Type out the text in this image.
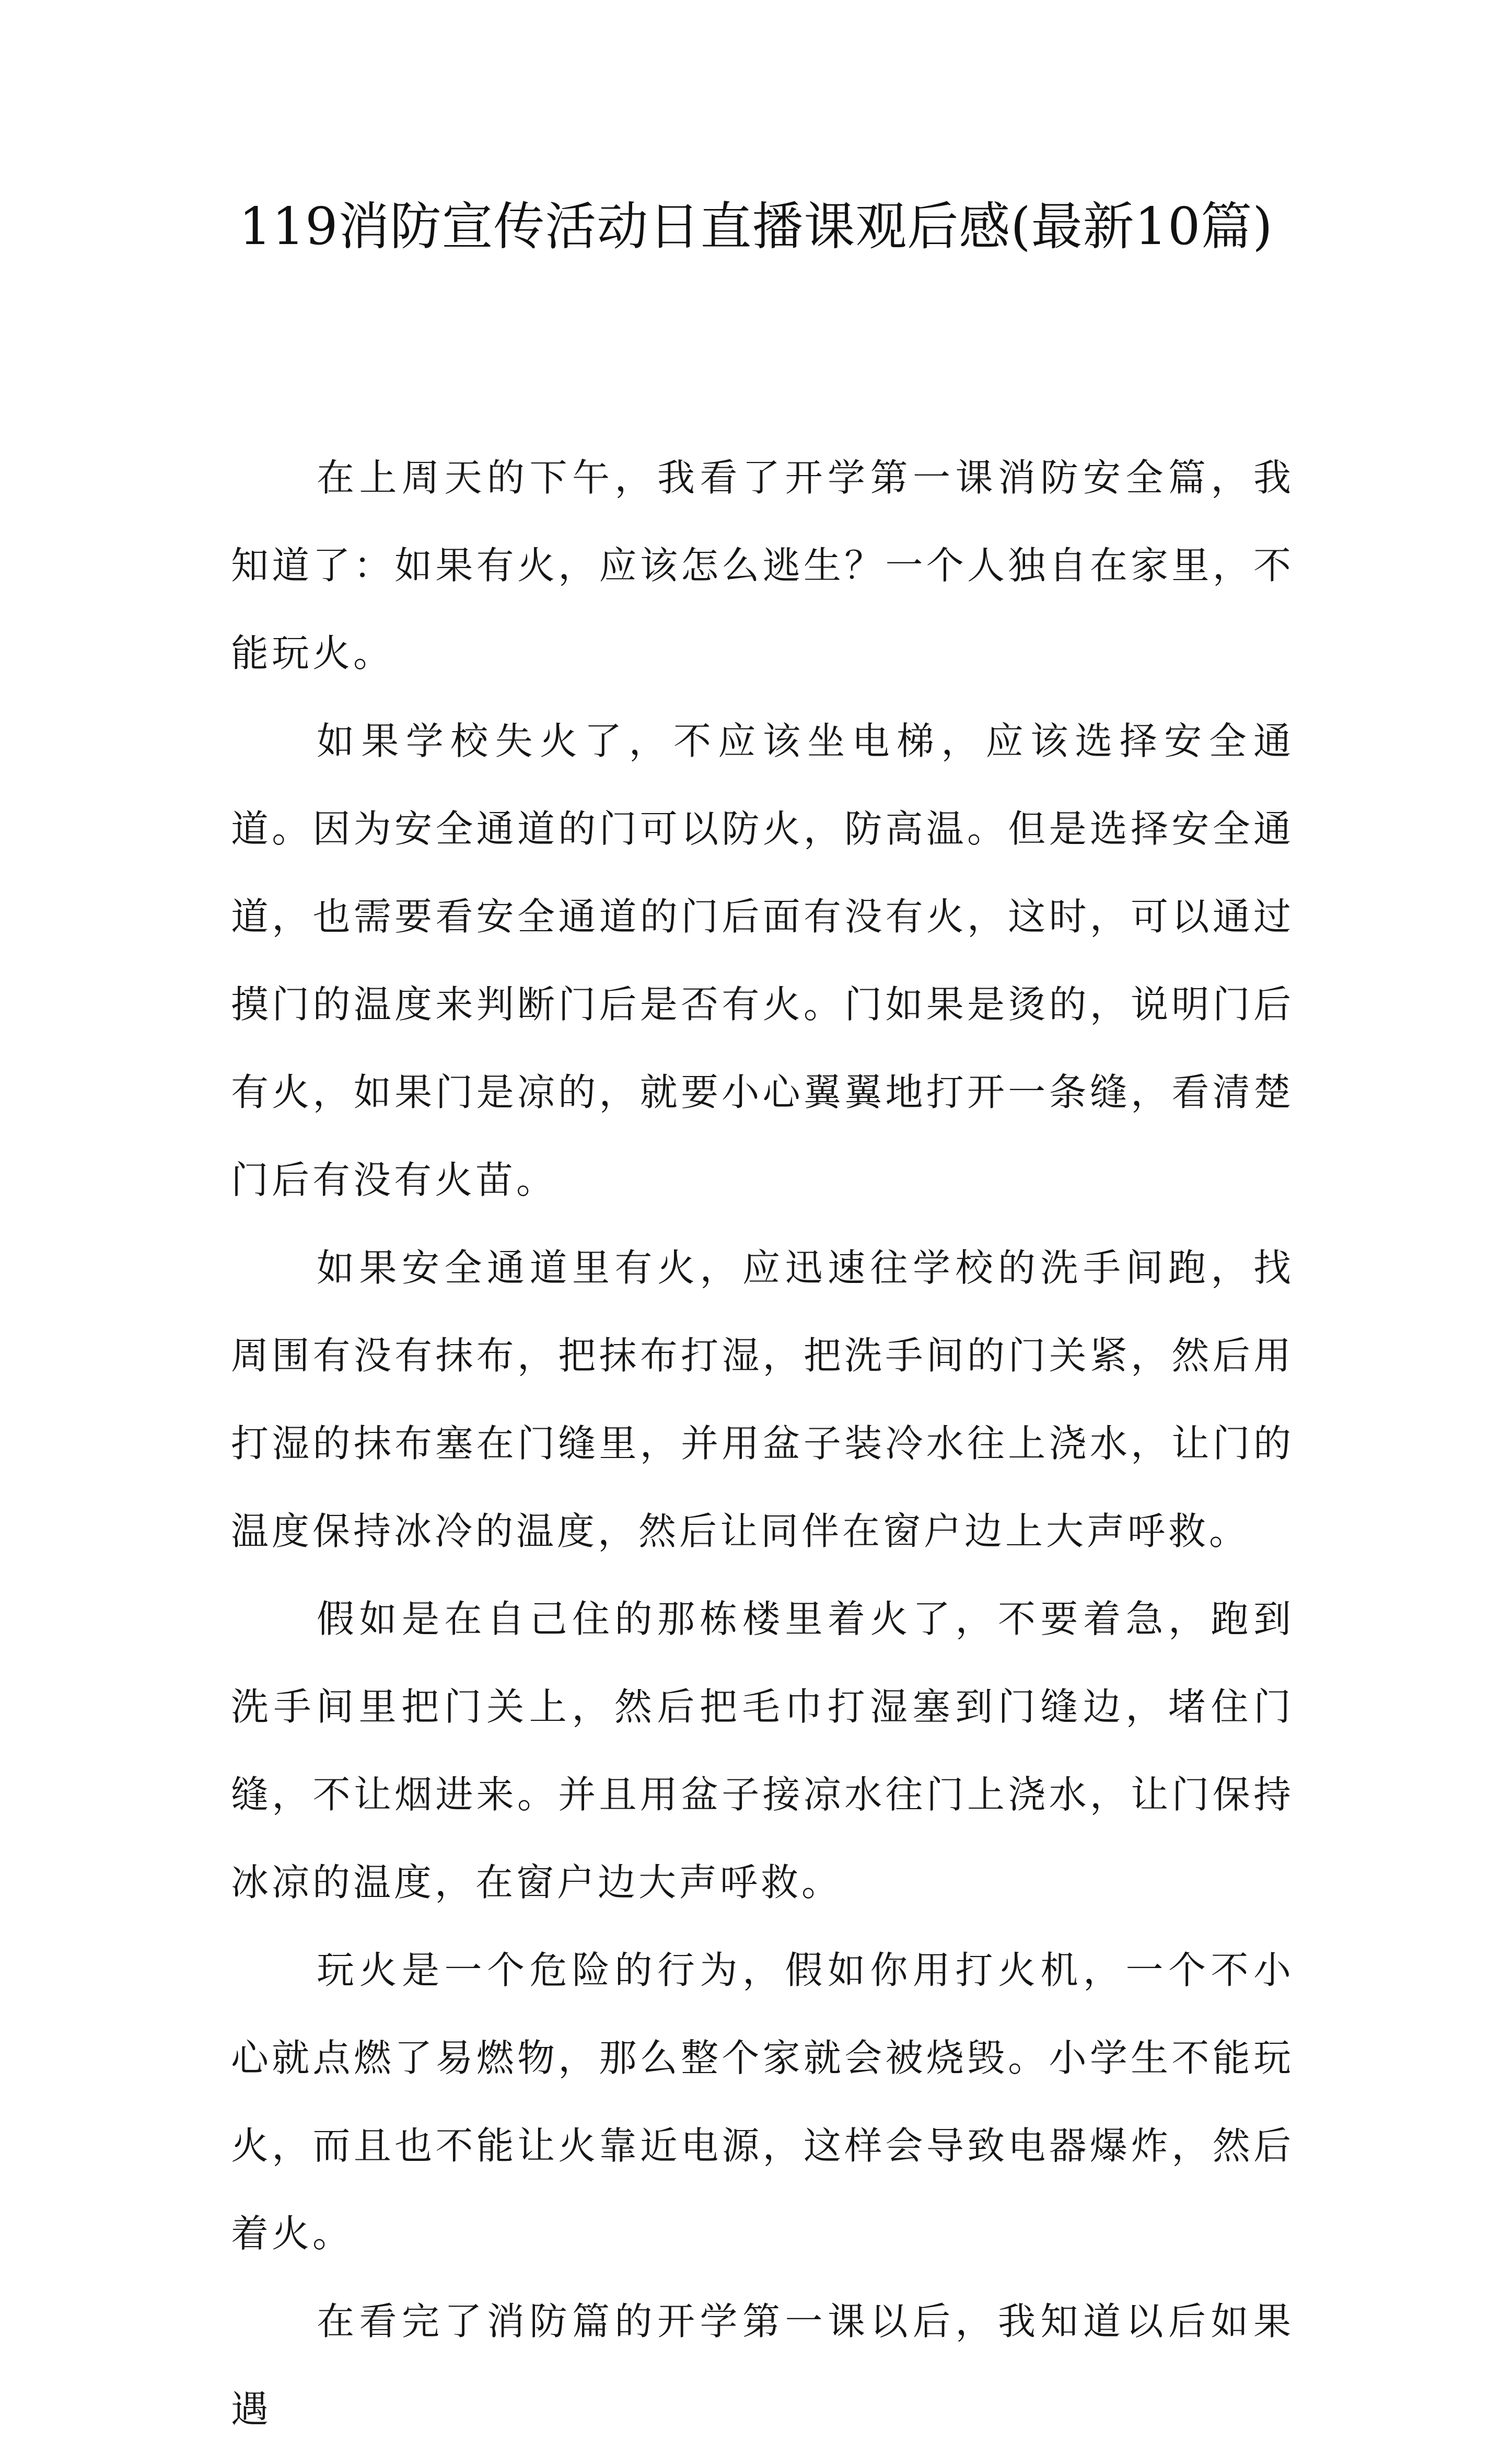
119消防宣传活动日直播课观后感(最新10篇)

在上周天的下午，我看了开学第一课消防安全篇，我知道了：如果有火，应该怎么逃生？一个人独自在家里，不能玩火。

如果学校失火了，不应该坐电梯，应该选择安全通道。因为安全通道的门可以防火，防高温。但是选择安全通道，也需要看安全通道的门后面有没有火，这时，可以通过摸门的温度来判断门后是否有火。门如果是烫的，说明门后有火，如果门是凉的，就要小心翼翼地打开一条缝，看清楚门后有没有火苗。

如果安全通道里有火，应迅速往学校的洗手间跑，找周围有没有抹布，把抹布打湿，把洗手间的门关紧，然后用打湿的抹布塞在门缝里，并用盆子装冷水往上浇水，让门的温度保持冰冷的温度，然后让同伴在窗户边上大声呼救。

假如是在自己住的那栋楼里着火了，不要着急，跑到洗手间里把门关上，然后把毛巾打湿塞到门缝边，堵住门缝，不让烟进来。并且用盆子接凉水往门上浇水，让门保持冰凉的温度，在窗户边大声呼救。

玩火是一个危险的行为，假如你用打火机，一个不小心就点燃了易燃物，那么整个家就会被烧毁。小学生不能玩火，而且也不能让火靠近电源，这样会导致电器爆炸，然后着火。

在看完了消防篇的开学第一课以后，我知道以后如果遇
